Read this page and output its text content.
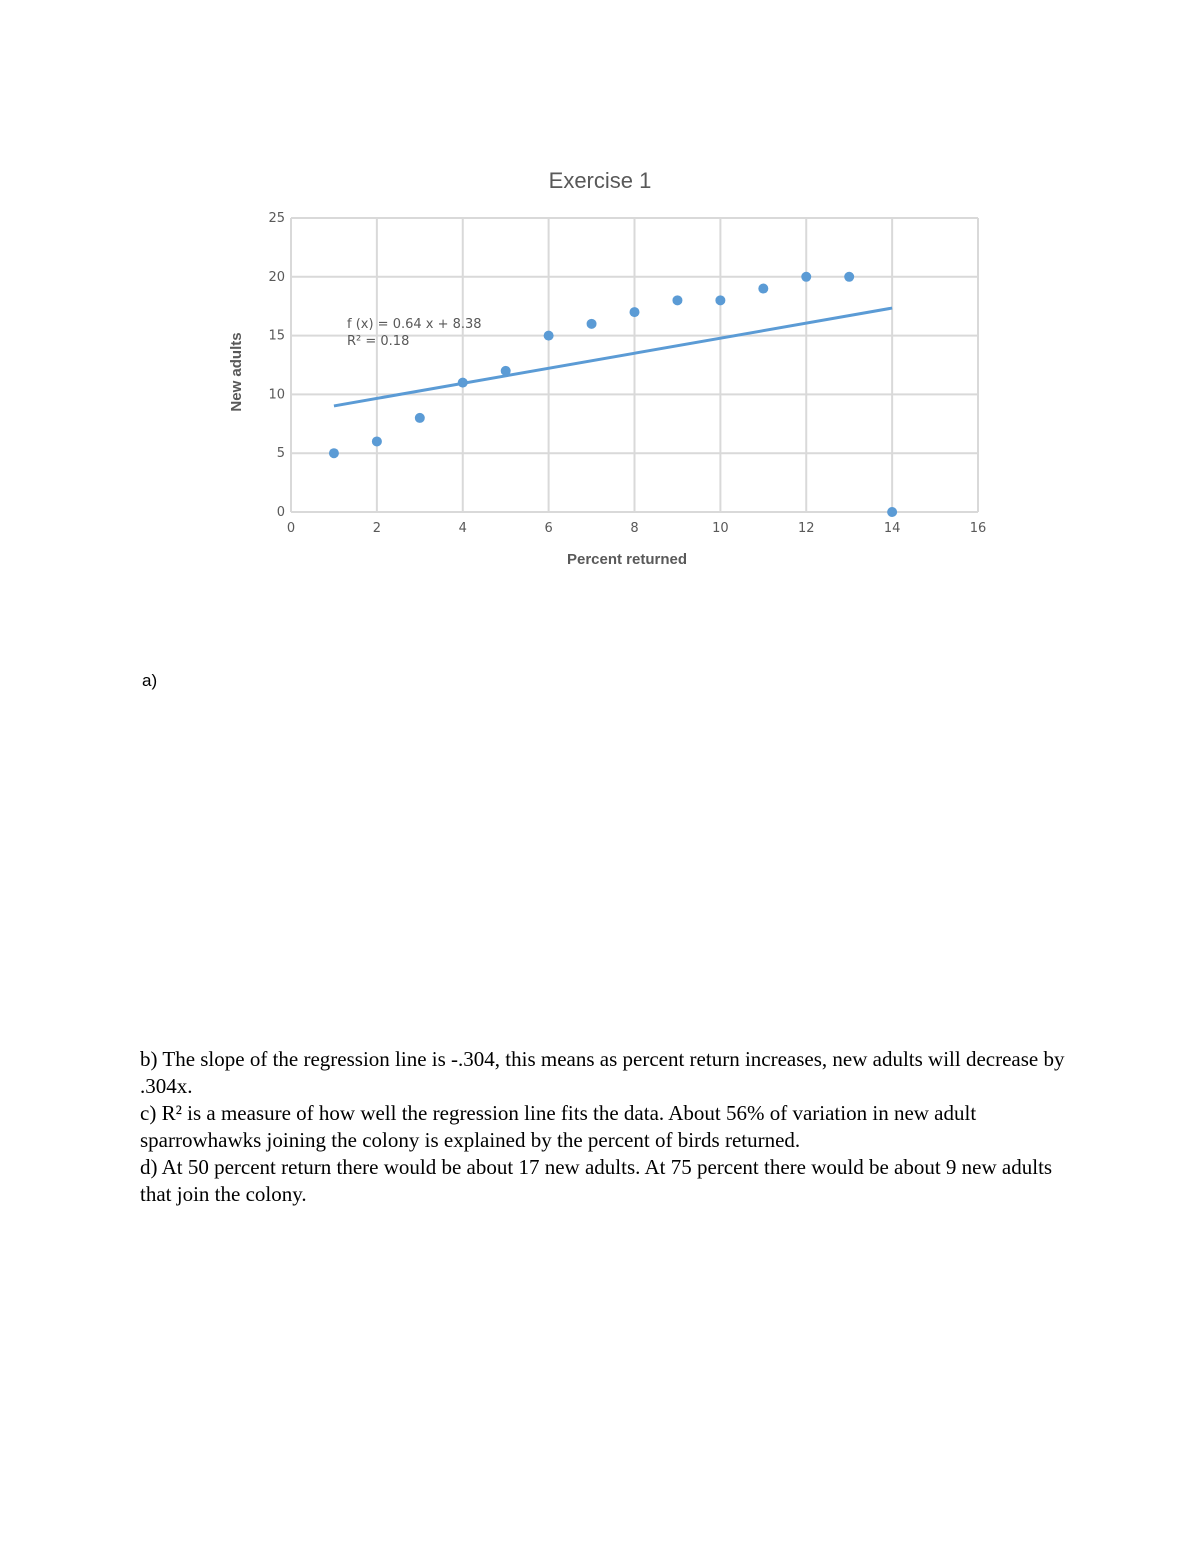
Exercise 1
0	2	4	6	8	10	12	14	16
0
5
10
15
20
25
Percent returned
New adults
f (x) = 0.64 x + 8.38
R² = 0.18
a)

b) The slope of the regression line is -.304, this means as percent return increases, new adults will decrease by .304x.

c) R² is a measure of how well the regression line fits the data. About 56% of variation in new adult sparrowhawks joining the colony is explained by the percent of birds returned.

d) At 50 percent return there would be about 17 new adults. At 75 percent there would be about 9 new adults that join the colony.
